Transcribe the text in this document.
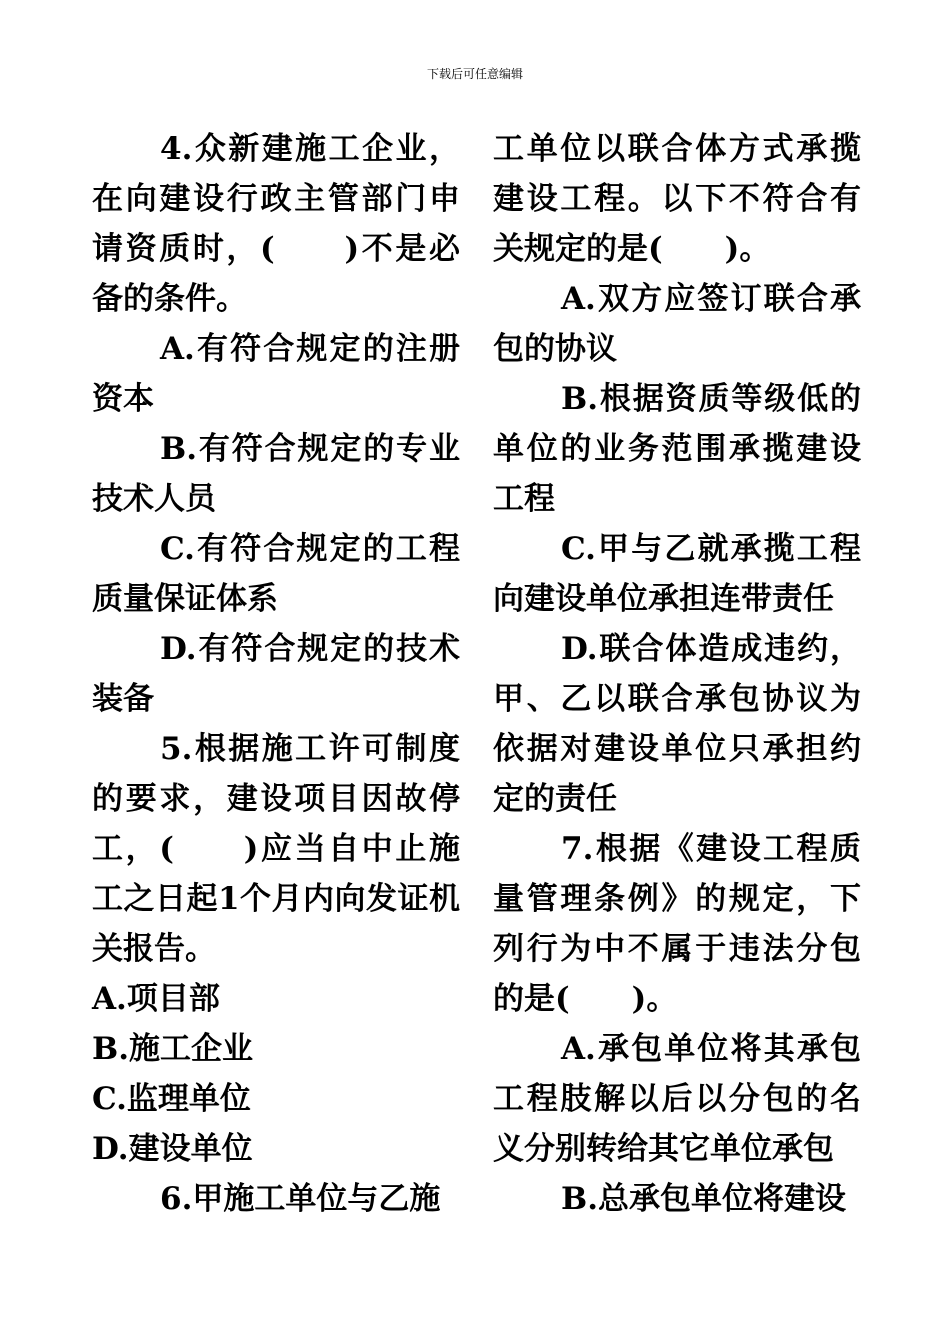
下载后可任意编辑

4.众新建施工企业，在向建设行政主管部门申请资质时，(　　)不是必备的条件。

A.有符合规定的注册资本

B.有符合规定的专业技术人员

C.有符合规定的工程质量保证体系

D.有符合规定的技术装备

5.根据施工许可制度的要求，建设项目因故停工，(　　)应当自中止施工之日起1个月内向发证机关报告。

A.项目部

B.施工企业

C.监理单位

D.建设单位

6.甲施工单位与乙施

工单位以联合体方式承揽建设工程。以下不符合有关规定的是(　　)。

A.双方应签订联合承包的协议

B.根据资质等级低的单位的业务范围承揽建设工程

C.甲与乙就承揽工程向建设单位承担连带责任

D.联合体造成违约，甲、乙以联合承包协议为依据对建设单位只承担约定的责任

7.根据《建设工程质量管理条例》的规定，下列行为中不属于违法分包的是(　　)。

A.承包单位将其承包工程肢解以后以分包的名义分别转给其它单位承包

B.总承包单位将建设
